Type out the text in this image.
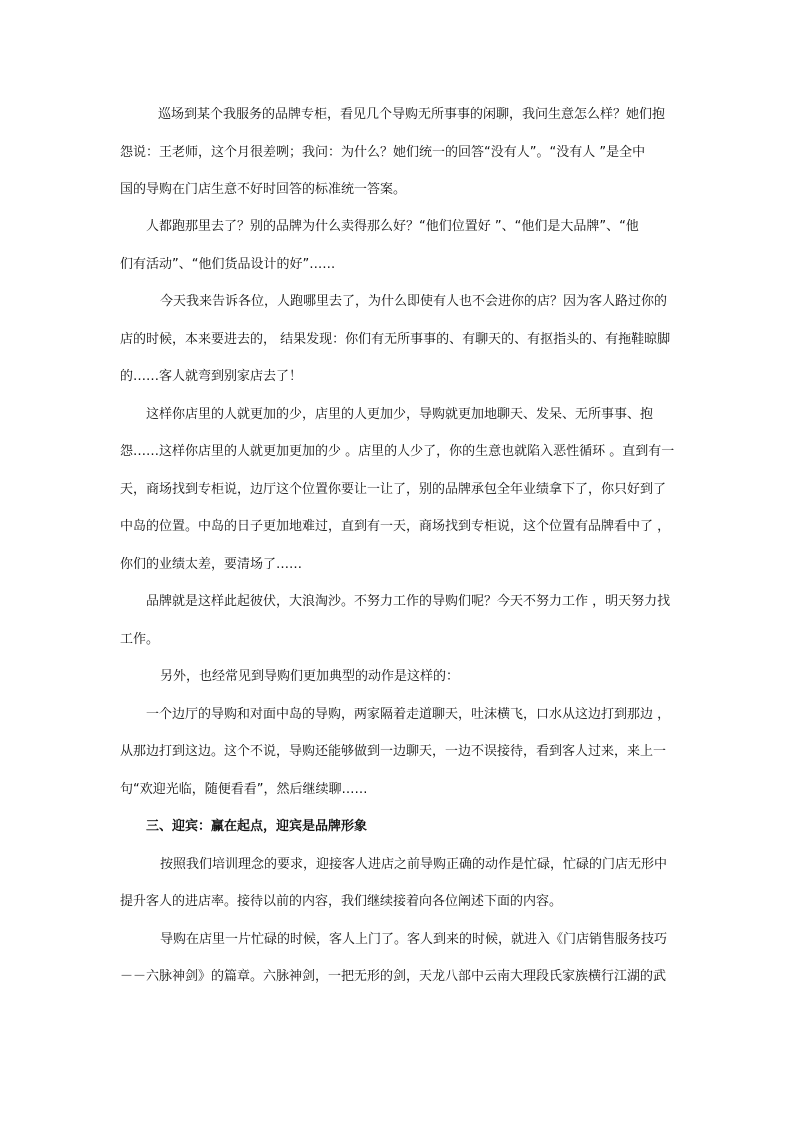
巡场到某个我服务的品牌专柜，看见几个导购无所事事的闲聊，我问生意怎么样？她们抱
怨说：王老师，这个月很差咧；我问：为什么？她们统一的回答“没有人”。“没有人 ”是全中
国的导购在门店生意不好时回答的标准统一答案。
人都跑那里去了？别的品牌为什么卖得那么好？“他们位置好 ”、“他们是大品牌”、“他
们有活动”、“他们货品设计的好”……
今天我来告诉各位，人跑哪里去了，为什么即使有人也不会进你的店？因为客人路过你的
店的时候，本来要进去的， 结果发现：你们有无所事事的、有聊天的、有抠指头的、有拖鞋晾脚
的……客人就弯到别家店去了！
这样你店里的人就更加的少，店里的人更加少，导购就更加地聊天、发呆、无所事事、抱
怨……这样你店里的人就更加更加的少 。店里的人少了，你的生意也就陷入恶性循环 。直到有一
天，商场找到专柜说，边厅这个位置你要让一让了，别的品牌承包全年业绩拿下了，你只好到了
中岛的位置。中岛的日子更加地难过，直到有一天，商场找到专柜说，这个位置有品牌看中了 ，
你们的业绩太差，要清场了……
品牌就是这样此起彼伏，大浪淘沙。不努力工作的导购们呢？今天不努力工作 ，明天努力找
工作。
另外，也经常见到导购们更加典型的动作是这样的：
一个边厅的导购和对面中岛的导购，两家隔着走道聊天，吐沫横飞，口水从这边打到那边 ，
从那边打到这边。这个不说，导购还能够做到一边聊天，一边不误接待，看到客人过来，来上一
句“欢迎光临，随便看看”，然后继续聊……
三、迎宾：赢在起点，迎宾是品牌形象
按照我们培训理念的要求，迎接客人进店之前导购正确的动作是忙碌，忙碌的门店无形中
提升客人的进店率。接待以前的内容，我们继续接着向各位阐述下面的内容。
导购在店里一片忙碌的时候，客人上门了。客人到来的时候，就进入《门店销售服务技巧
－－六脉神剑》的篇章。六脉神剑，一把无形的剑，天龙八部中云南大理段氏家族横行江湖的武
